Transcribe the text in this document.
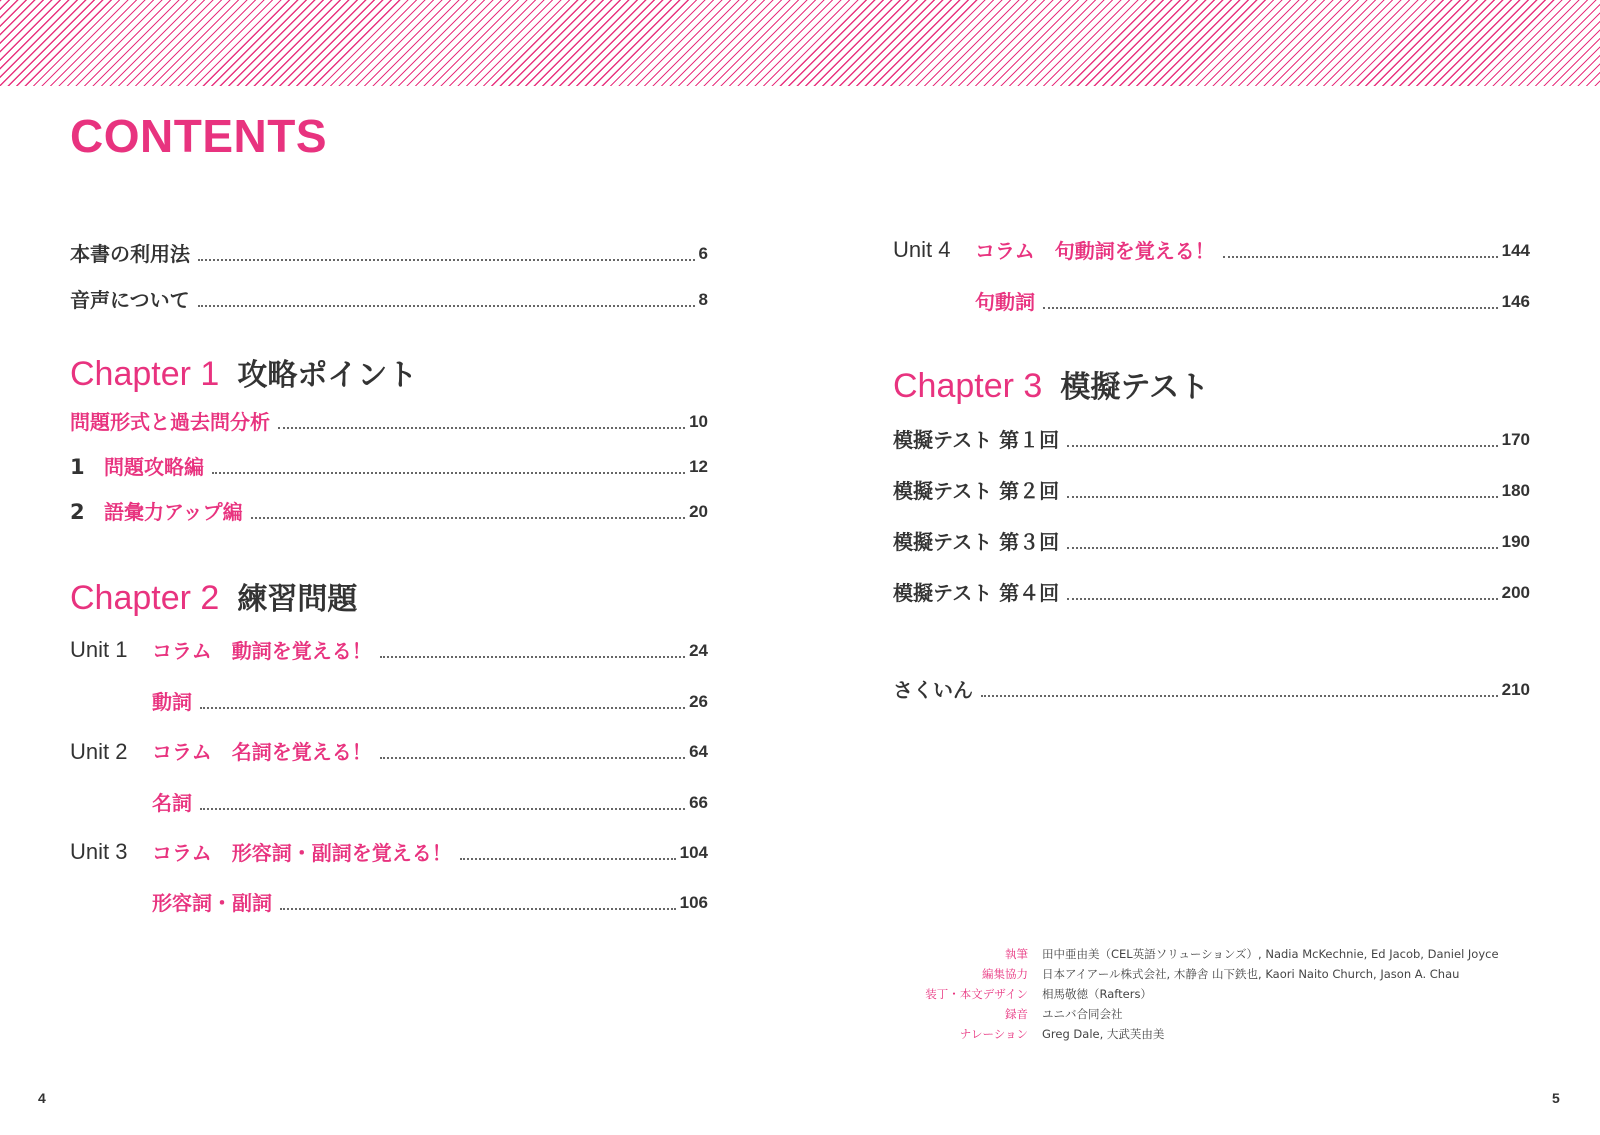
CONTENTS
本書の利用法	6
音声について	8
Chapter 1 攻略ポイント
問題形式と過去問分析	10
1 問題攻略編	12
2 語彙力アップ編	20
Chapter 2 練習問題
Unit 1 コラム　動詞を覚える！	24
動詞	26
Unit 2 コラム　名詞を覚える！	64
名詞	66
Unit 3 コラム　形容詞・副詞を覚える！	104
形容詞・副詞	106
Unit 4 コラム　句動詞を覚える！	144
句動詞	146
Chapter 3 模擬テスト
模擬テスト 第１回	170
模擬テスト 第２回	180
模擬テスト 第３回	190
模擬テスト 第４回	200
さくいん	210
執筆	田中亜由美（CEL英語ソリューションズ）, Nadia McKechnie, Ed Jacob, Daniel Joyce
編集協力	日本アイアール株式会社, 木静舎 山下鉄也, Kaori Naito Church, Jason A. Chau
装丁・本文デザイン	相馬敬徳（Rafters）
録音	ユニバ合同会社
ナレーション	Greg Dale, 大武芙由美
4	5
